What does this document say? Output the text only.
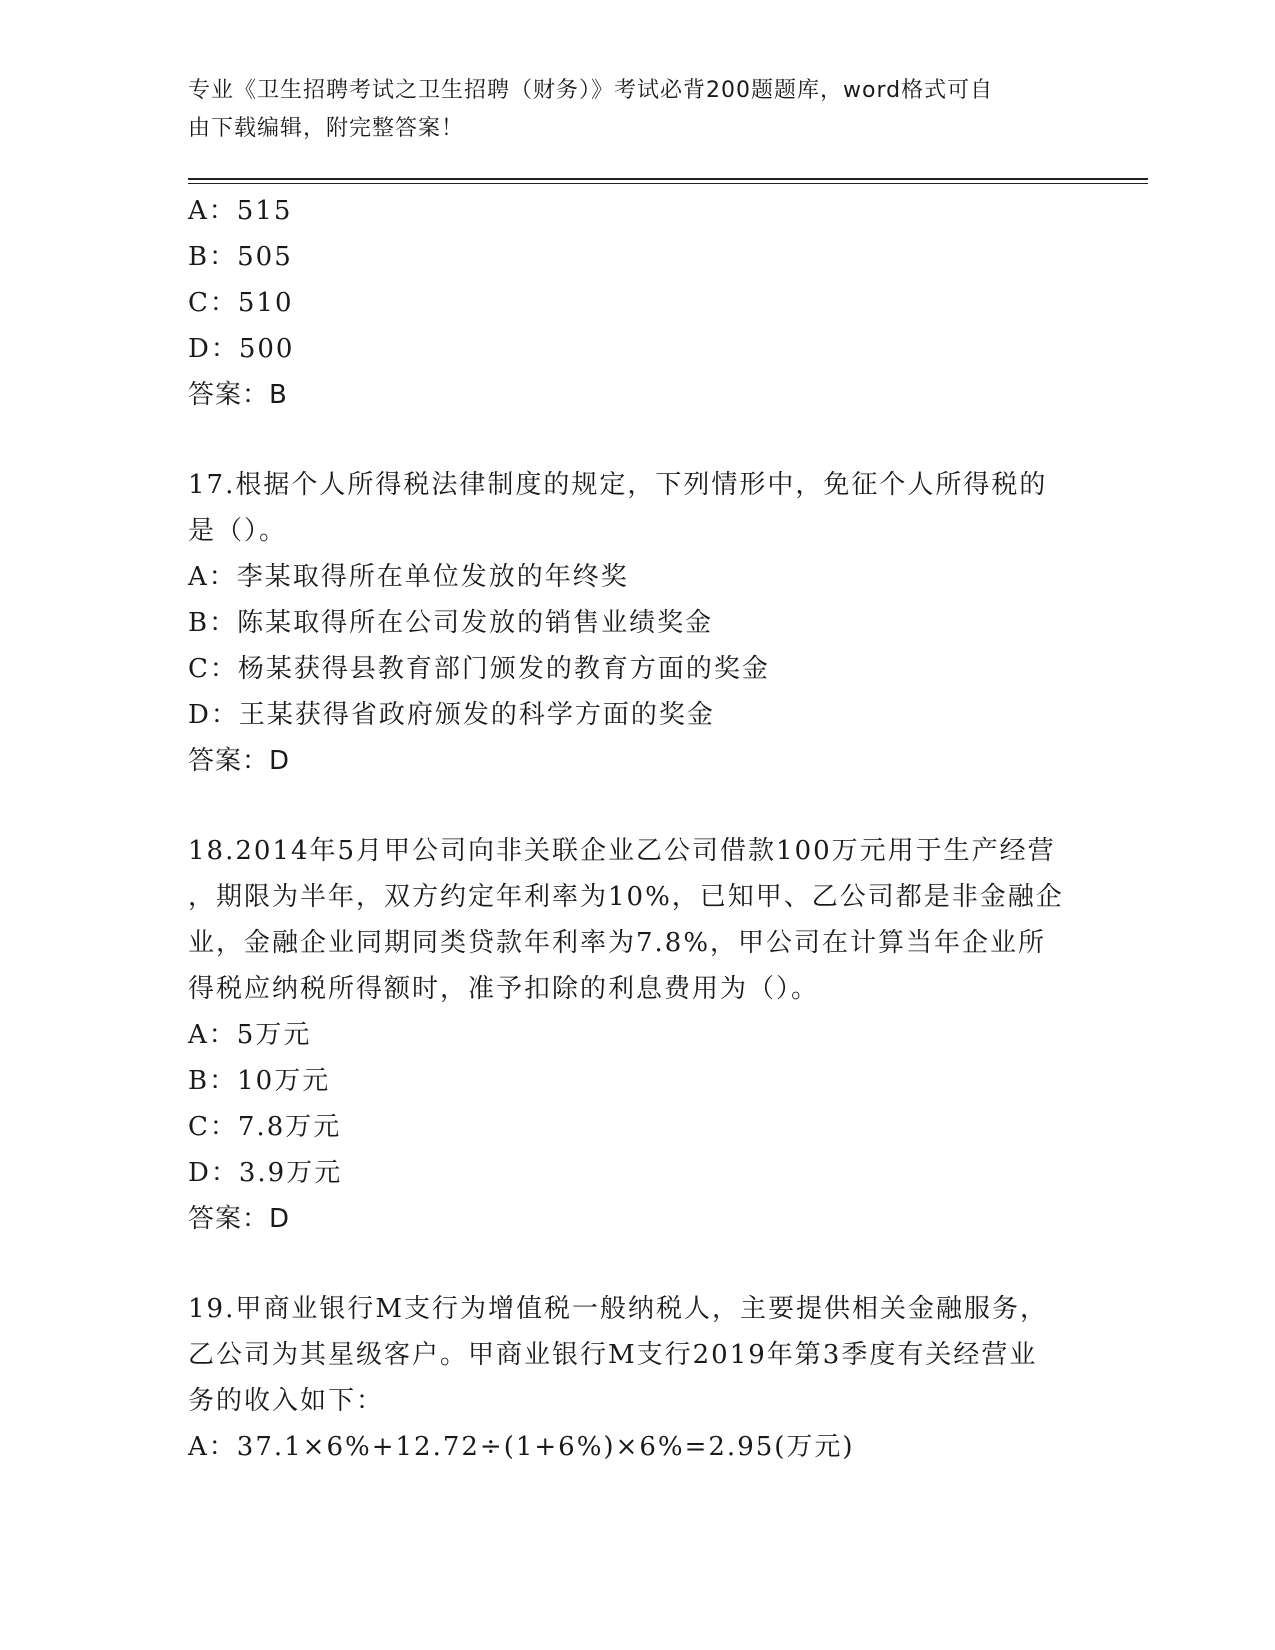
专业《卫生招聘考试之卫生招聘（财务）》考试必背200题题库，word格式可自
由下载编辑，附完整答案！
A：515
B：505
C：510
D：500
答案：B
17.根据个人所得税法律制度的规定，下列情形中，免征个人所得税的
是（）。
A：李某取得所在单位发放的年终奖
B：陈某取得所在公司发放的销售业绩奖金
C：杨某获得县教育部门颁发的教育方面的奖金
D：王某获得省政府颁发的科学方面的奖金
答案：D
18.2014年5月甲公司向非关联企业乙公司借款100万元用于生产经营
，期限为半年，双方约定年利率为10%，已知甲、乙公司都是非金融企
业，金融企业同期同类贷款年利率为7.8%，甲公司在计算当年企业所
得税应纳税所得额时，准予扣除的利息费用为（）。
A：5万元
B：10万元
C：7.8万元
D：3.9万元
答案：D
19.甲商业银行M支行为增值税一般纳税人，主要提供相关金融服务，
乙公司为其星级客户。甲商业银行M支行2019年第3季度有关经营业
务的收入如下：
A：37.1×6%+12.72÷(1+6%)×6%=2.95(万元)
